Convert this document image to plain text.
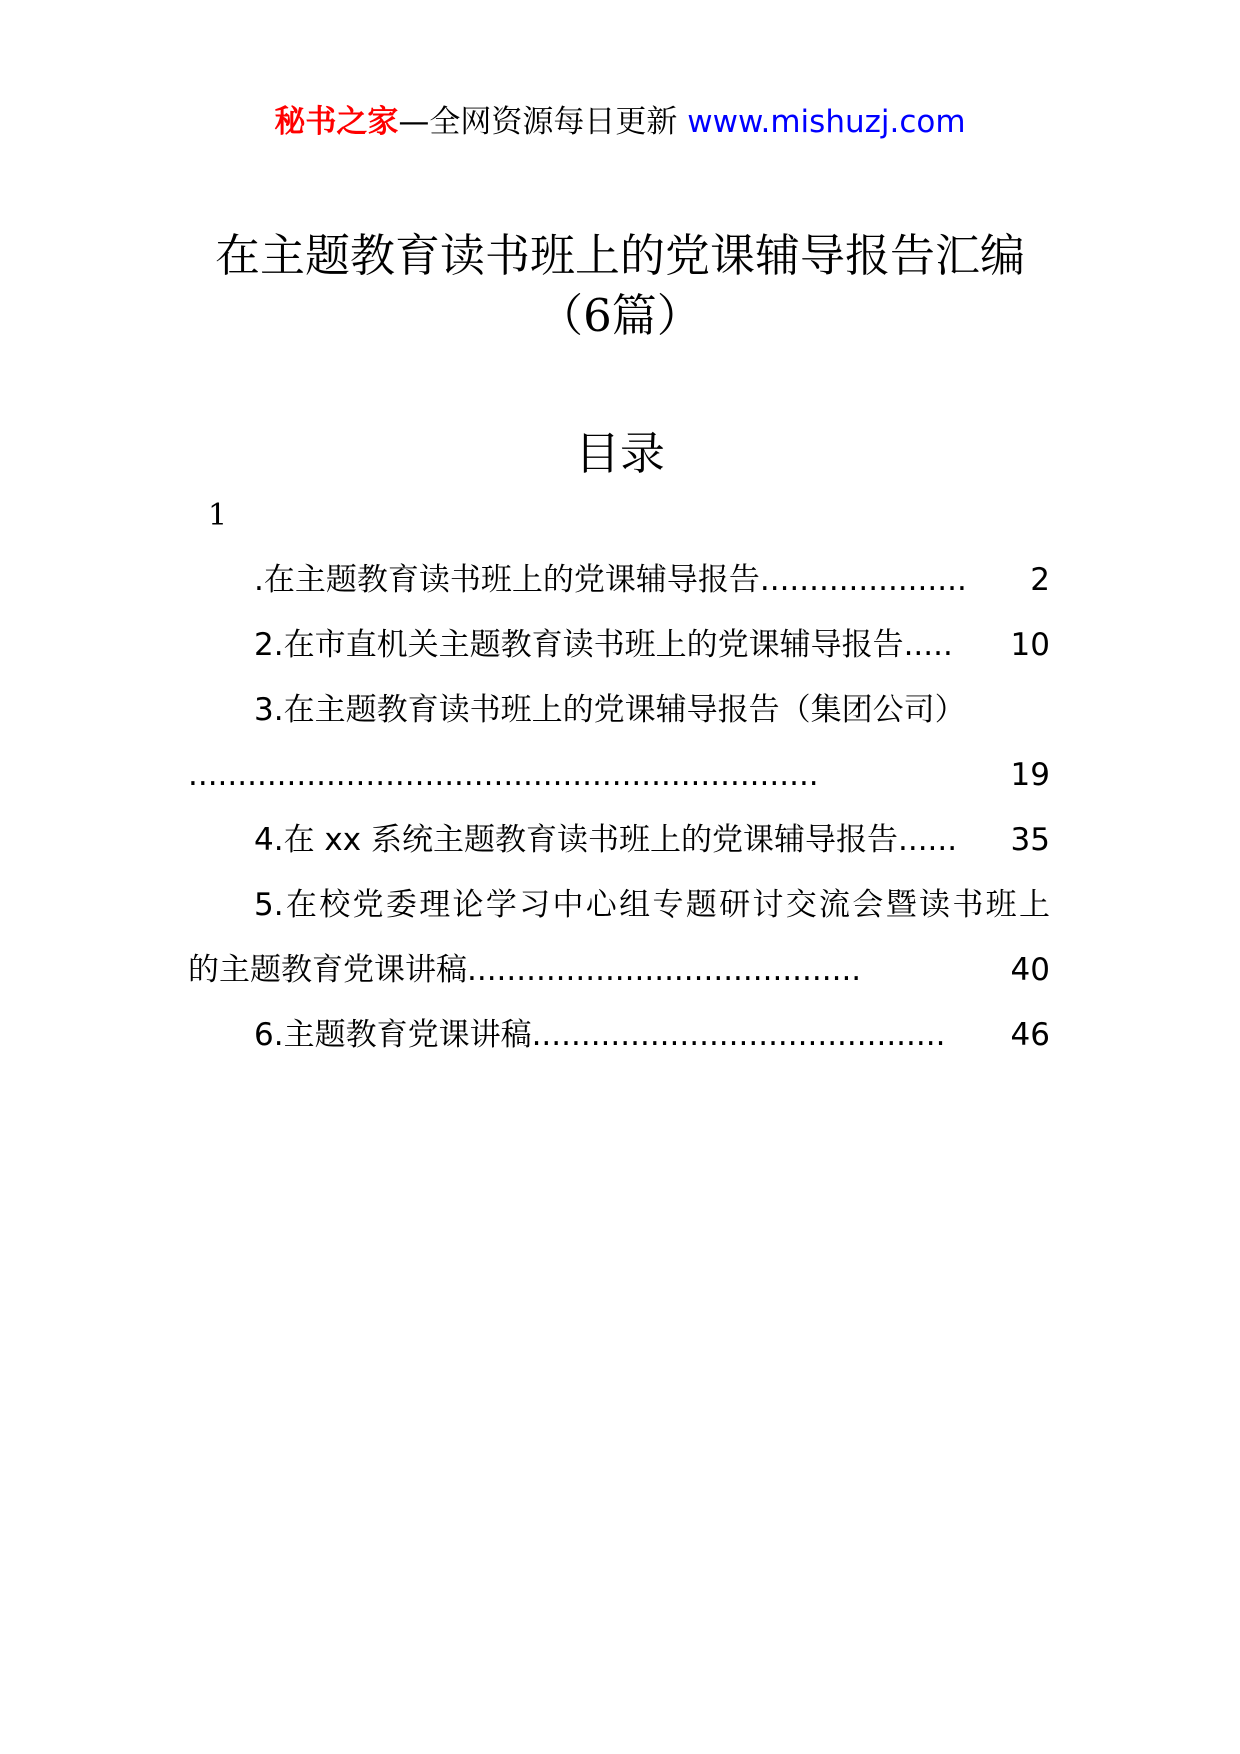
秘书之家—全网资源每日更新 www.mishuzj.com
在主题教育读书班上的党课辅导报告汇编
（6篇）
目录
1
.在主题教育读书班上的党课辅导报告..................... 2
2.在市直机关主题教育读书班上的党课辅导报告..... 10
3.在主题教育读书班上的党课辅导报告（集团公司）
................................................................	19
4.在 xx 系统主题教育读书班上的党课辅导报告...... 35
5.在校党委理论学习中心组专题研讨交流会暨读书班上
的主题教育党课讲稿........................................	40
6.主题教育党课讲稿.......................................... 46
